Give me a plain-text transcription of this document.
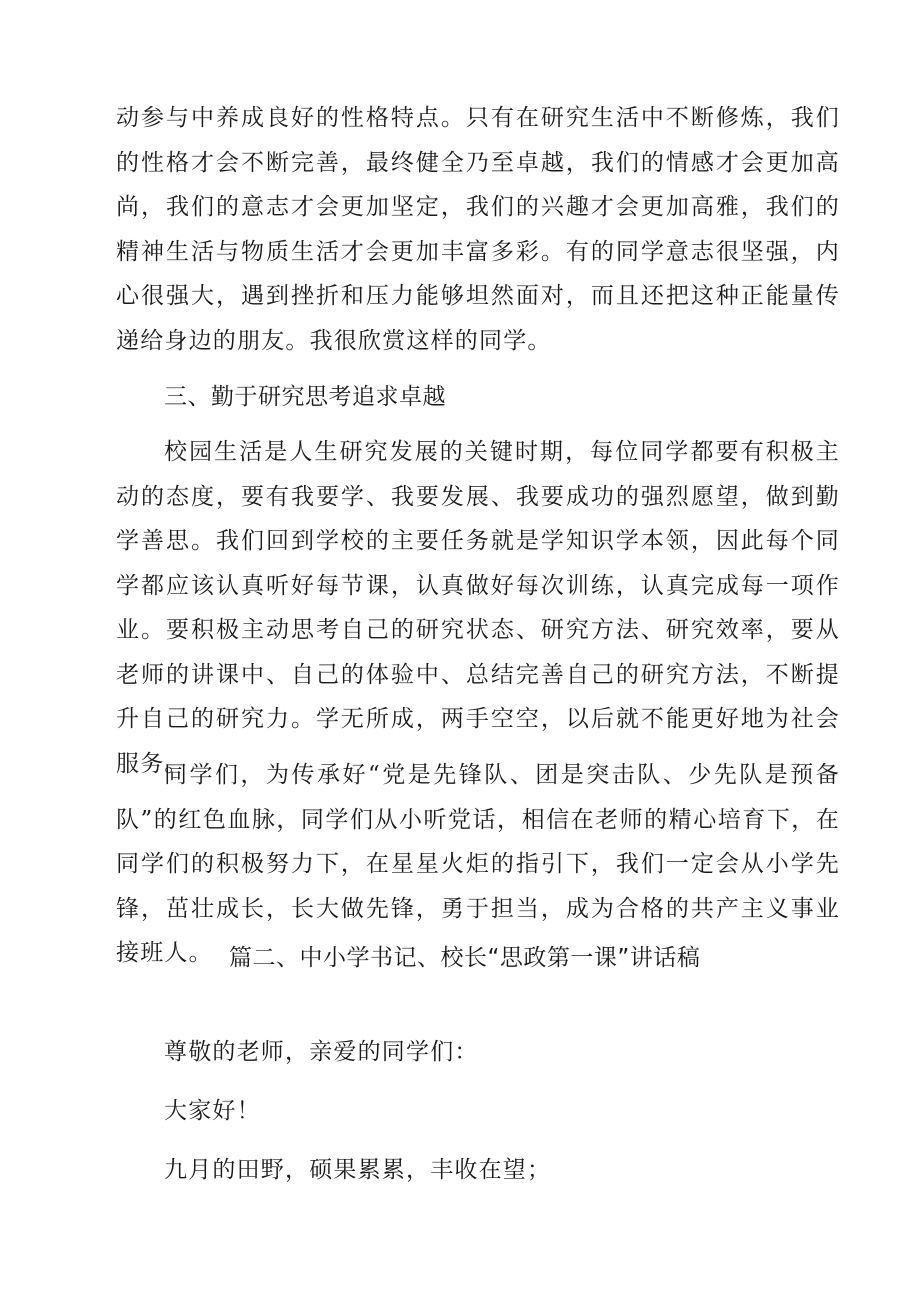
动参与中养成良好的性格特点。只有在研究生活中不断修炼，我们的性格才会不断完善，最终健全乃至卓越，我们的情感才会更加高尚，我们的意志才会更加坚定，我们的兴趣才会更加高雅，我们的精神生活与物质生活才会更加丰富多彩。有的同学意志很坚强，内心很强大，遇到挫折和压力能够坦然面对，而且还把这种正能量传递给身边的朋友。我很欣赏这样的同学。

三、勤于研究思考追求卓越

校园生活是人生研究发展的关键时期，每位同学都要有积极主动的态度，要有我要学、我要发展、我要成功的强烈愿望，做到勤学善思。我们回到学校的主要任务就是学知识学本领，因此每个同学都应该认真听好每节课，认真做好每次训练，认真完成每一项作业。要积极主动思考自己的研究状态、研究方法、研究效率，要从老师的讲课中、自己的体验中、总结完善自己的研究方法，不断提升自己的研究力。学无所成，两手空空，以后就不能更好地为社会服务。

同学们，为传承好“党是先锋队、团是突击队、少先队是预备队”的红色血脉，同学们从小听党话，相信在老师的精心培育下，在同学们的积极努力下，在星星火炬的指引下，我们一定会从小学先锋，茁壮成长，长大做先锋，勇于担当，成为合格的共产主义事业接班人。 篇二、中小学书记、校长“思政第一课”讲话稿

尊敬的老师，亲爱的同学们：

大家好！

九月的田野，硕果累累，丰收在望；
